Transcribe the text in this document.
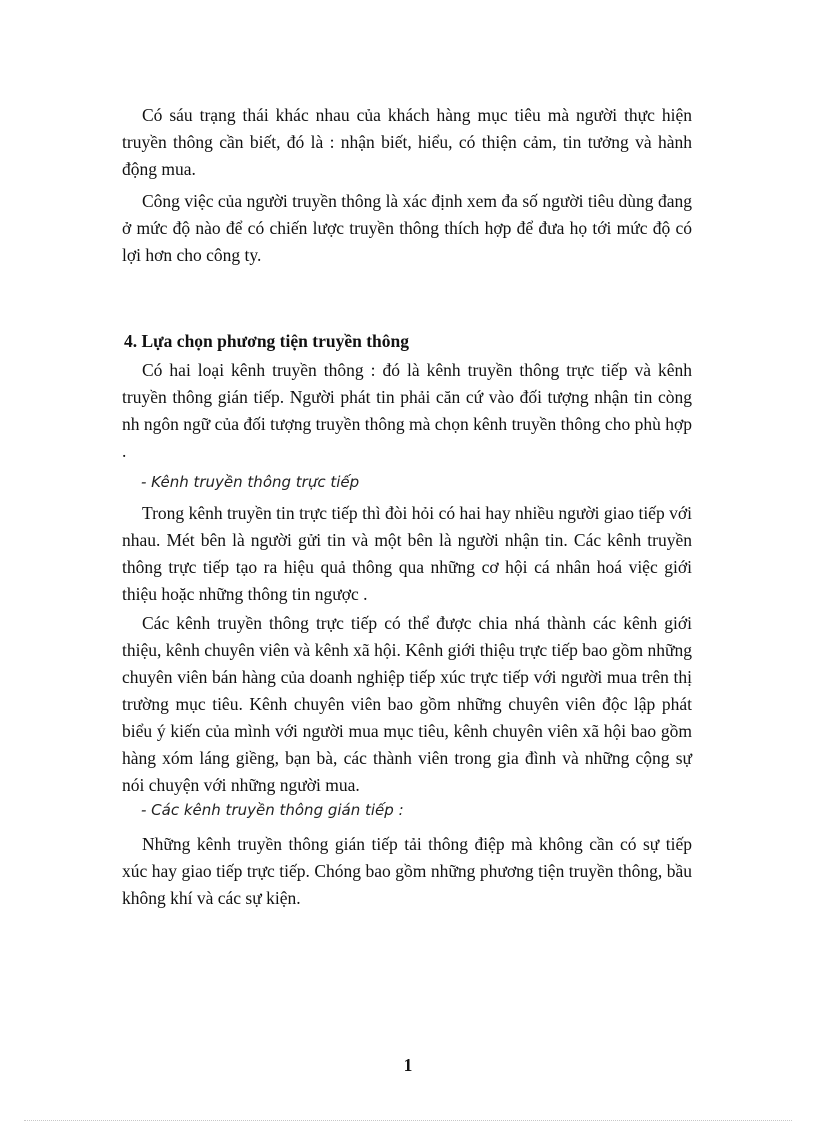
Có sáu trạng thái khác nhau của khách hàng mục tiêu mà người thực hiện truyền thông cần biết, đó là : nhận biết, hiểu, có thiện cảm, tin tưởng và hành động mua.

Công việc của người truyền thông là xác định xem đa số người tiêu dùng đang ở mức độ nào để có chiến lược truyền thông thích hợp để đưa họ tới mức độ có lợi hơn cho công ty.

4. Lựa chọn phương tiện truyền thông

Có hai loại kênh truyền thông : đó là kênh truyền thông trực tiếp và kênh truyền thông gián tiếp. Người phát tin phải căn cứ vào đối tượng nhận tin còng nh ngôn ngữ của đối tượng truyền thông mà chọn kênh truyền thông cho phù hợp .

- Kênh truyền thông trực tiếp

Trong kênh truyền tin trực tiếp thì đòi hỏi có hai hay nhiều người giao tiếp với nhau. Mét bên là người gửi tin và một bên là người nhận tin. Các kênh truyền thông trực tiếp tạo ra hiệu quả thông qua những cơ hội cá nhân hoá việc giới thiệu hoặc những thông tin ngược .

Các kênh truyền thông trực tiếp có thể được chia nhá thành các kênh giới thiệu, kênh chuyên viên và kênh xã hội. Kênh giới thiệu trực tiếp bao gồm những chuyên viên bán hàng của doanh nghiệp tiếp xúc trực tiếp với người mua trên thị trường mục tiêu. Kênh chuyên viên bao gồm những chuyên viên độc lập phát biểu ý kiến của mình với người mua mục tiêu, kênh chuyên viên xã hội bao gồm hàng xóm láng giềng, bạn bà, các thành viên trong gia đình và những cộng sự nói chuyện với những người mua.

- Các kênh truyền thông gián tiếp :

Những kênh truyền thông gián tiếp tải thông điệp mà không cần có sự tiếp xúc hay giao tiếp trực tiếp. Chóng bao gồm những phương tiện truyền thông, bầu không khí và các sự kiện.

1
